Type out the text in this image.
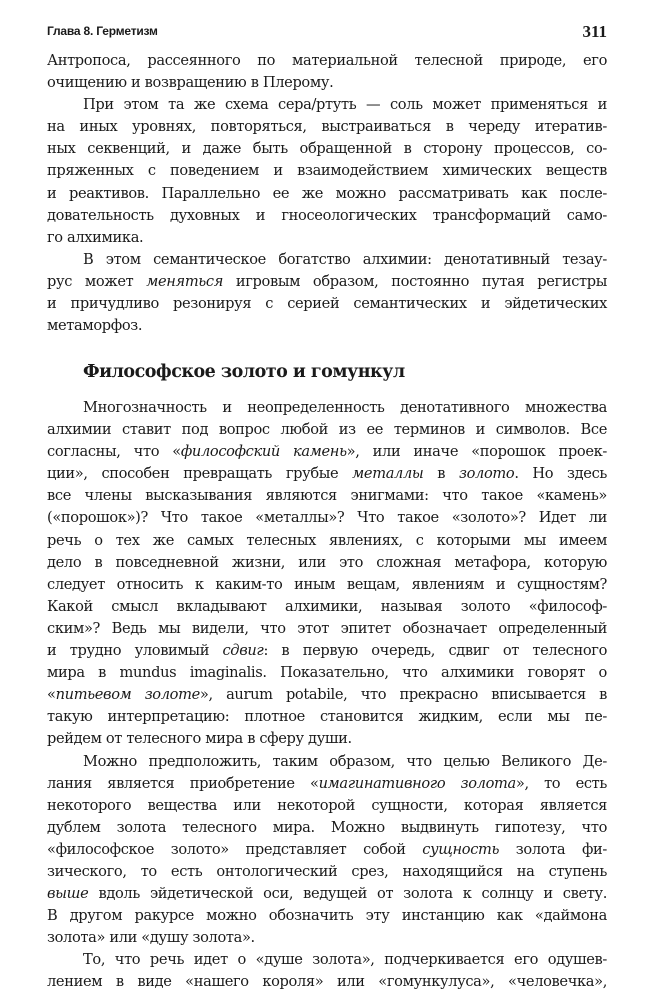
Глава 8. Герметизм	311
Антропоса, рассеянного по материальной телесной природе, его
очищению и возвращению в Плерому.
При этом та же схема сера/ртуть — соль может применяться и
на иных уровнях, повторяться, выстраиваться в череду итератив-
ных секвенций, и даже быть обращенной в сторону процессов, со-
пряженных с поведением и взаимодействием химических веществ
и реактивов. Параллельно ее же можно рассматривать как после-
довательность духовных и гносеологических трансформаций само-
го алхимика.
В этом семантическое богатство алхимии: денотативный тезау-
рус может меняться игровым образом, постоянно путая регистры
и причудливо резонируя с серией семантических и эйдетических
метаморфоз.
Философское золото и гомункул
Многозначность и неопределенность денотативного множества
алхимии ставит под вопрос любой из ее терминов и символов. Все
согласны, что «философский камень», или иначе «порошок проек-
ции», способен превращать грубые металлы в золото. Но здесь
все члены высказывания являются энигмами: что такое «камень»
(«порошок»)? Что такое «металлы»? Что такое «золото»? Идет ли
речь о тех же самых телесных явлениях, с которыми мы имеем
дело в повседневной жизни, или это сложная метафора, которую
следует относить к каким-то иным вещам, явлениям и сущностям?
Какой смысл вкладывают алхимики, называя золото «философ-
ским»? Ведь мы видели, что этот эпитет обозначает определенный
и трудно уловимый сдвиг: в первую очередь, сдвиг от телесного
мира в mundus imaginalis. Показательно, что алхимики говорят о
«питьевом золоте», aurum potabile, что прекрасно вписывается в
такую интерпретацию: плотное становится жидким, если мы пе-
рейдем от телесного мира в сферу души.
Можно предположить, таким образом, что целью Великого Де-
лания является приобретение «имагинативного золота», то есть
некоторого вещества или некоторой сущности, которая является
дублем золота телесного мира. Можно выдвинуть гипотезу, что
«философское золото» представляет собой сущность золота фи-
зического, то есть онтологический срез, находящийся на ступень
выше вдоль эйдетической оси, ведущей от золота к солнцу и свету.
В другом ракурсе можно обозначить эту инстанцию как «даймона
золота» или «душу золота».
То, что речь идет о «душе золота», подчеркивается его одушев-
лением в виде «нашего короля» или «гомункулуса», «человечка»,
